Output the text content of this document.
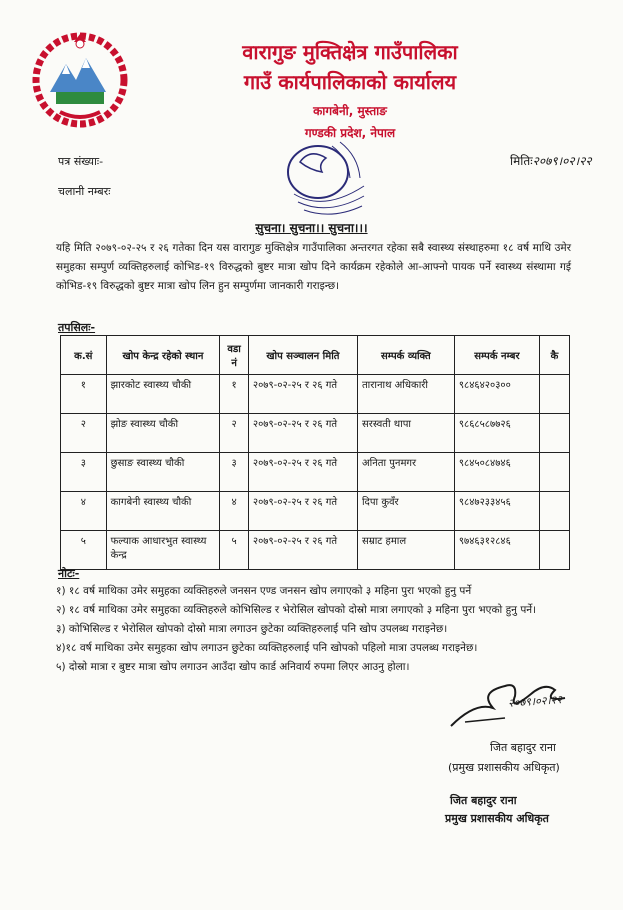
वारागुङ मुक्तिक्षेत्र गाउँपालिका
गाउँ कार्यपालिकाको कार्यालय
कागबेनी, मुस्ताङ
गण्डकी प्रदेश, नेपाल
पत्र संख्याः-
चलानी नम्बरः
मितिः२०७९।०२।२२
सुचना। सुचना।। सुचना।।।
यहि मिति २०७९-०२-२५ र २६ गतेका दिन यस वारागुङ मुक्तिक्षेत्र गाउँपालिका अन्तरगत रहेका सबै स्वास्थ्य संस्थाहरुमा १८ वर्ष माथि उमेर समुहका सम्पुर्ण व्यक्तिहरुलाई कोभिड-१९ विरुद्धको बुष्टर मात्रा खोप दिने कार्यक्रम रहेकोले आ-आफ्नो पायक पर्ने स्वास्थ्य संस्थामा गई कोभिड-१९ विरुद्धको बुष्टर मात्रा खोप लिन हुन सम्पुर्णमा जानकारी गराइन्छ।
तपसिलः-
क.सं	खोप केन्द्र रहेको स्थान	वडा नं	खोप सञ्चालन मिति	सम्पर्क व्यक्ति	सम्पर्क नम्बर	कै
१	झारकोट स्वास्थ्य चौकी	१	२०७९-०२-२५ र २६ गते	तारानाथ अधिकारी	९८४६४२०३००	
२	झोङ स्वास्थ्य चौकी	२	२०७९-०२-२५ र २६ गते	सरस्वती थापा	९८६८५८७७२६	
३	छुसाङ स्वास्थ्य चौकी	३	२०७९-०२-२५ र २६ गते	अनिता पुनमगर	९८४५०८४७४६	
४	कागबेनी स्वास्थ्य चौकी	४	२०७९-०२-२५ र २६ गते	दिपा कुवँर	९८४७२३३४५६	
५	फल्याक आधारभुत स्वास्थ्य केन्द्र	५	२०७९-०२-२५ र २६ गते	सम्राट हमाल	९७४६३१२८४६	
नोटः-

१) १८ वर्ष माथिका उमेर समुहका व्यक्तिहरुले जनसन एण्ड जनसन खोप लगाएको ३ महिना पुरा भएको हुनु पर्ने

२) १८ वर्ष माथिका उमेर समुहका व्यक्तिहरुले कोभिसिल्ड र भेरोसिल खोपको दोस्रो मात्रा लगाएको ३ महिना पुरा भएको हुनु पर्ने।

३) कोभिसिल्ड र भेरोसिल खोपको दोस्रो मात्रा लगाउन छुटेका व्यक्तिहरुलाई पनि खोप उपलब्ध गराइनेछ।

४)१८ वर्ष माथिका उमेर समुहका खोप लगाउन छुटेका व्यक्तिहरुलाई पनि खोपको पहिलो मात्रा उपलब्ध गराइनेछ।

५) दोस्रो मात्रा र बुष्टर मात्रा खोप लगाउन आउँदा खोप कार्ड अनिवार्य रुपमा लिएर आउनु होला।

२०७९।०२।२२
जित बहादुर राना
(प्रमुख प्रशासकीय अधिकृत)
जित बहादुर राना
प्रमुख प्रशासकीय अधिकृत
